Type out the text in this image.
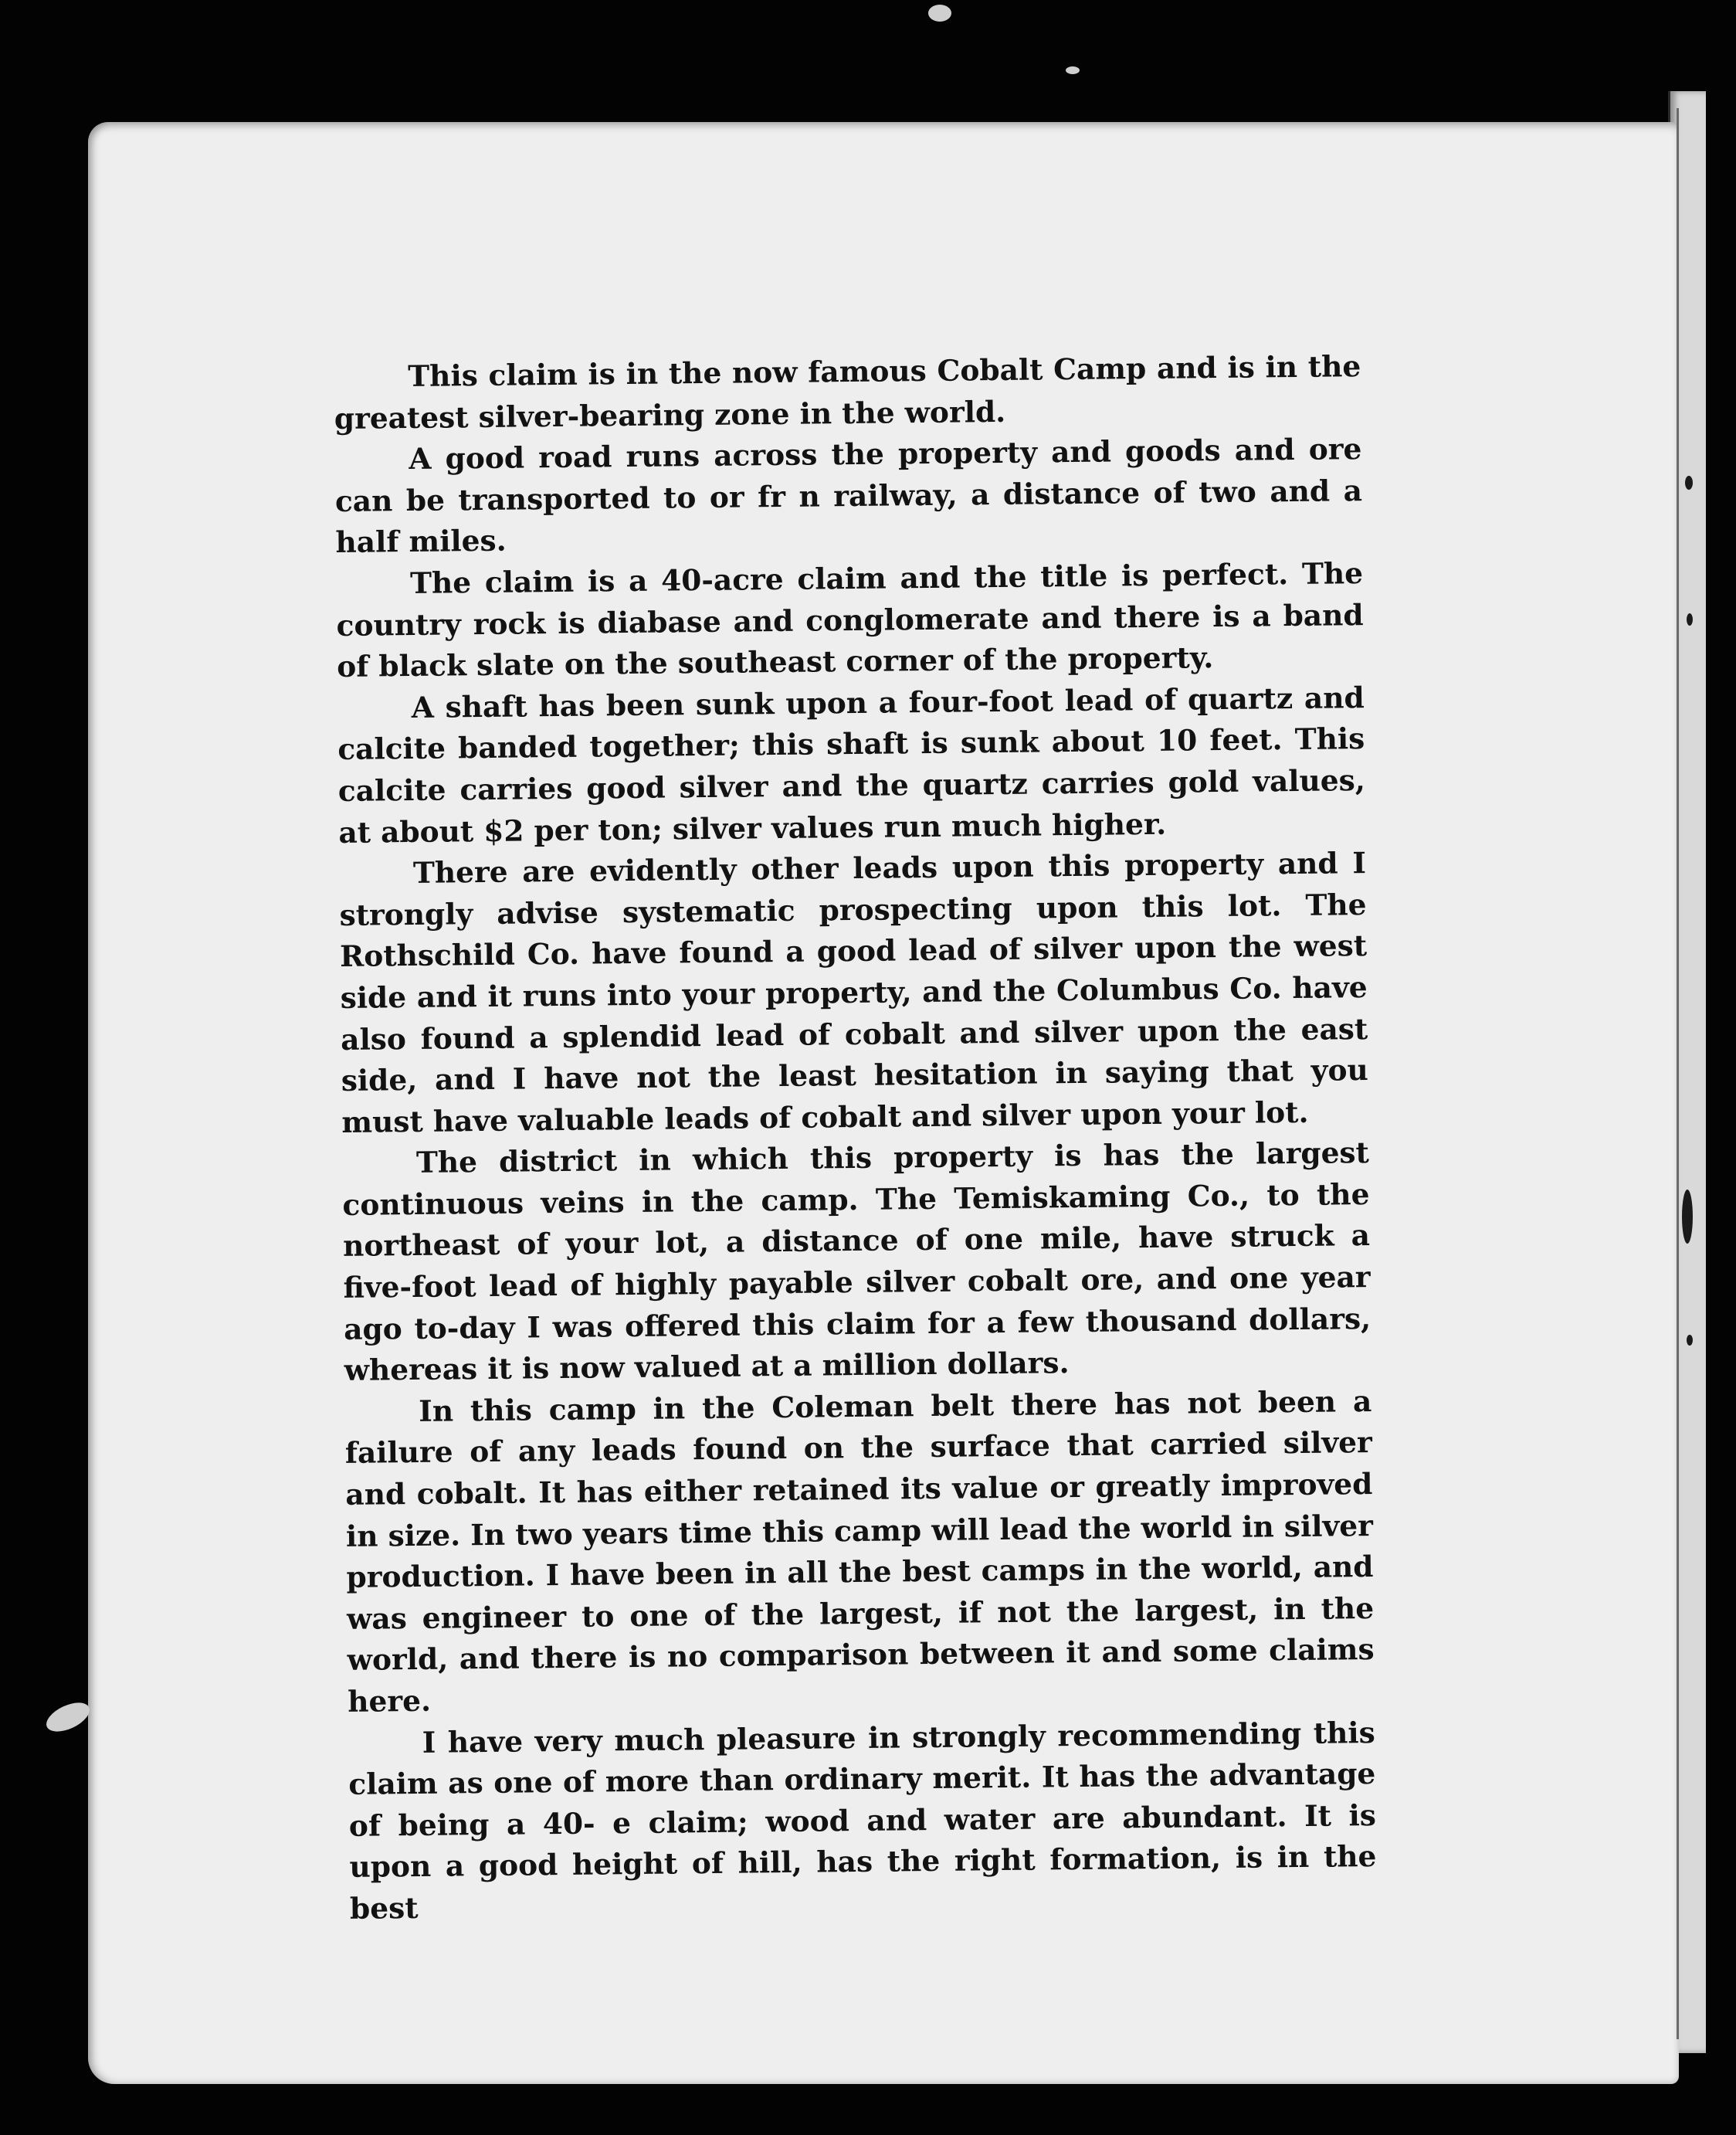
This claim is in the now famous Cobalt Camp and is in the greatest silver-bearing zone in the world.

A good road runs across the property and goods and ore can be transported to or fr n railway, a distance of two and a half miles.

The claim is a 40-acre claim and the title is perfect. The country rock is diabase and conglomerate and there is a band of black slate on the southeast corner of the property.

A shaft has been sunk upon a four-foot lead of quartz and calcite banded together; this shaft is sunk about 10 feet. This calcite carries good silver and the quartz carries gold values, at about $2 per ton; silver values run much higher.

There are evidently other leads upon this property and I strongly advise systematic prospecting upon this lot. The Rothschild Co. have found a good lead of silver upon the west side and it runs into your property, and the Columbus Co. have also found a splendid lead of cobalt and silver upon the east side, and I have not the least hesitation in saying that you must have valuable leads of cobalt and silver upon your lot.

The district in which this property is has the largest continuous veins in the camp. The Temiskaming Co., to the northeast of your lot, a distance of one mile, have struck a five-foot lead of highly payable silver cobalt ore, and one year ago to-day I was offered this claim for a few thousand dollars, whereas it is now valued at a million dollars.

In this camp in the Coleman belt there has not been a failure of any leads found on the surface that carried silver and cobalt. It has either retained its value or greatly improved in size. In two years time this camp will lead the world in silver production. I have been in all the best camps in the world, and was engineer to one of the largest, if not the largest, in the world, and there is no comparison between it and some claims here.

I have very much pleasure in strongly recommending this claim as one of more than ordinary merit. It has the advantage of being a 40- e claim; wood and water are abundant. It is upon a good height of hill, has the right formation, is in the best
